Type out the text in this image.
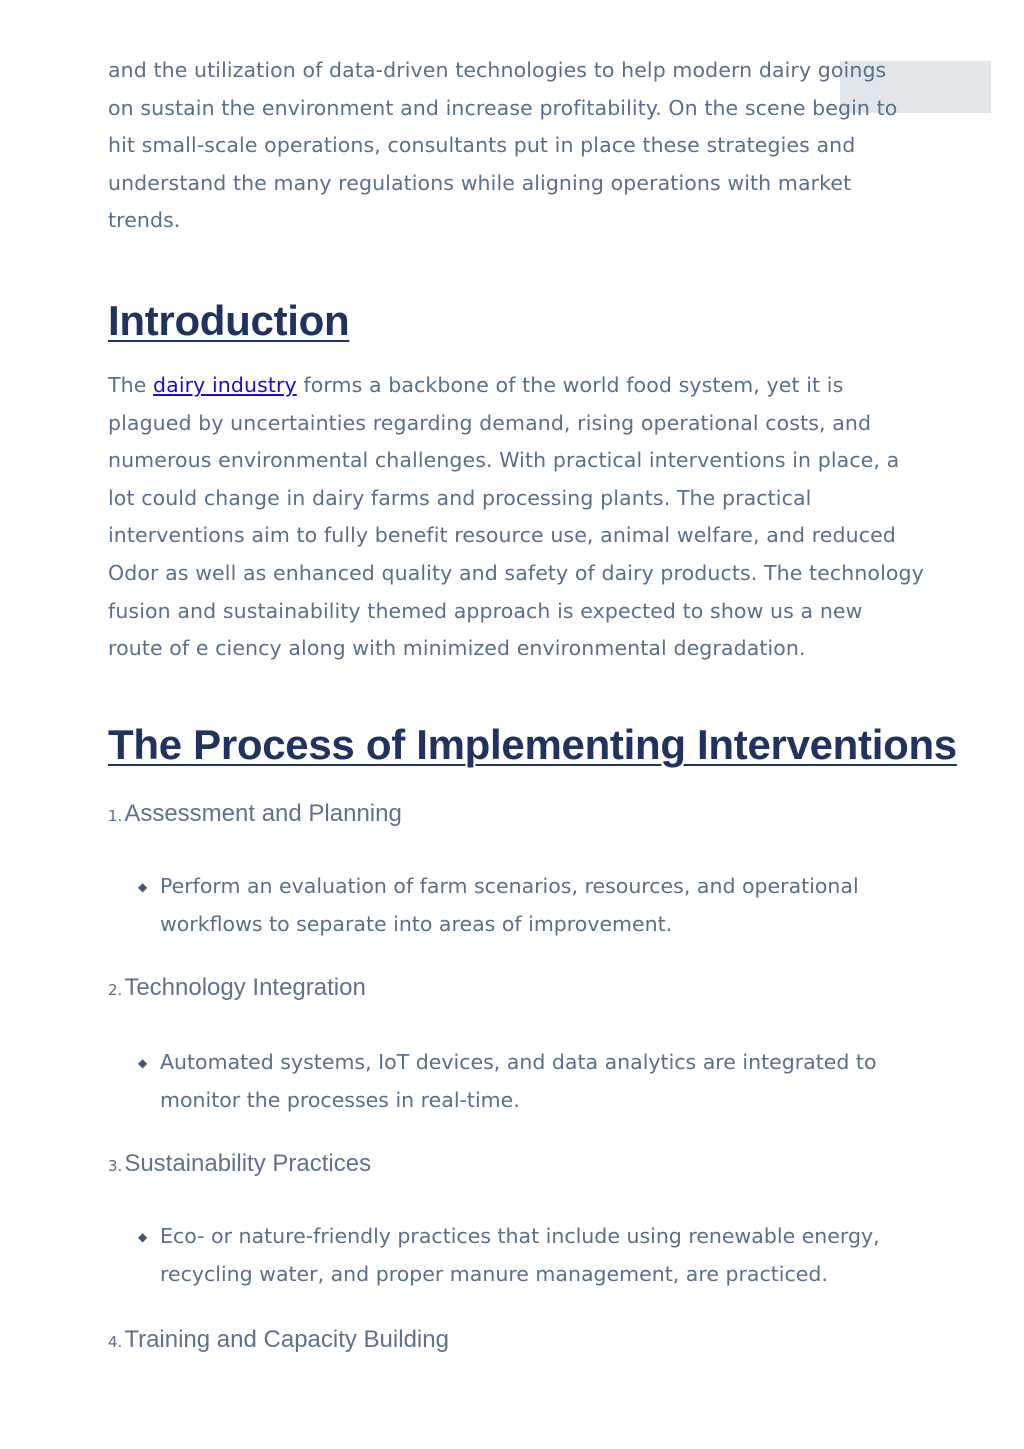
and the utilization of data-driven technologies to help modern dairy goings
on sustain the environment and increase profitability. On the scene begin to
hit small-scale operations, consultants put in place these strategies and
understand the many regulations while aligning operations with market
trends.

Introduction

The dairy industry forms a backbone of the world food system, yet it is
plagued by uncertainties regarding demand, rising operational costs, and
numerous environmental challenges. With practical interventions in place, a
lot could change in dairy farms and processing plants. The practical
interventions aim to fully benefit resource use, animal welfare, and reduced
Odor as well as enhanced quality and safety of dairy products. The technology
fusion and sustainability themed approach is expected to show us a new
route of e ciency along with minimized environmental degradation.

The Process of Implementing Interventions
1.Assessment and Planning
◆ Perform an evaluation of farm scenarios, resources, and operational
workflows to separate into areas of improvement.
2.Technology Integration
◆ Automated systems, IoT devices, and data analytics are integrated to
monitor the processes in real-time.
3.Sustainability Practices
◆ Eco- or nature-friendly practices that include using renewable energy,
recycling water, and proper manure management, are practiced.
4.Training and Capacity Building
